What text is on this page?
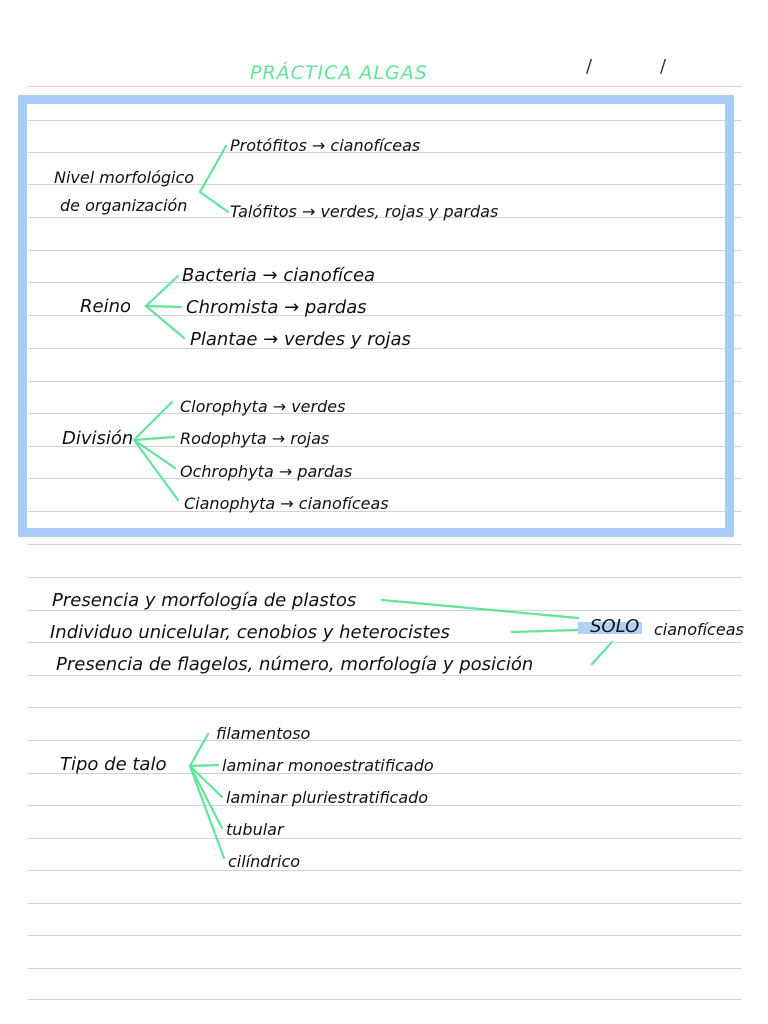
PRÁCTICA ALGAS	/	/
Nivel morfológico
de organización
Protófitos → cianofíceas
Talófitos → verdes, rojas y pardas
Reino
Bacteria → cianofícea
Chromista → pardas
Plantae → verdes y rojas
División
Clorophyta → verdes
Rodophyta → rojas
Ochrophyta → pardas
Cianophyta → cianofíceas
Presencia y morfología de plastos
Individuo unicelular, cenobios y heterocistes
Presencia de flagelos, número, morfología y posición
SOLO cianofíceas
Tipo de talo
filamentoso
laminar monoestratificado
laminar pluriestratificado
tubular
cilíndrico
